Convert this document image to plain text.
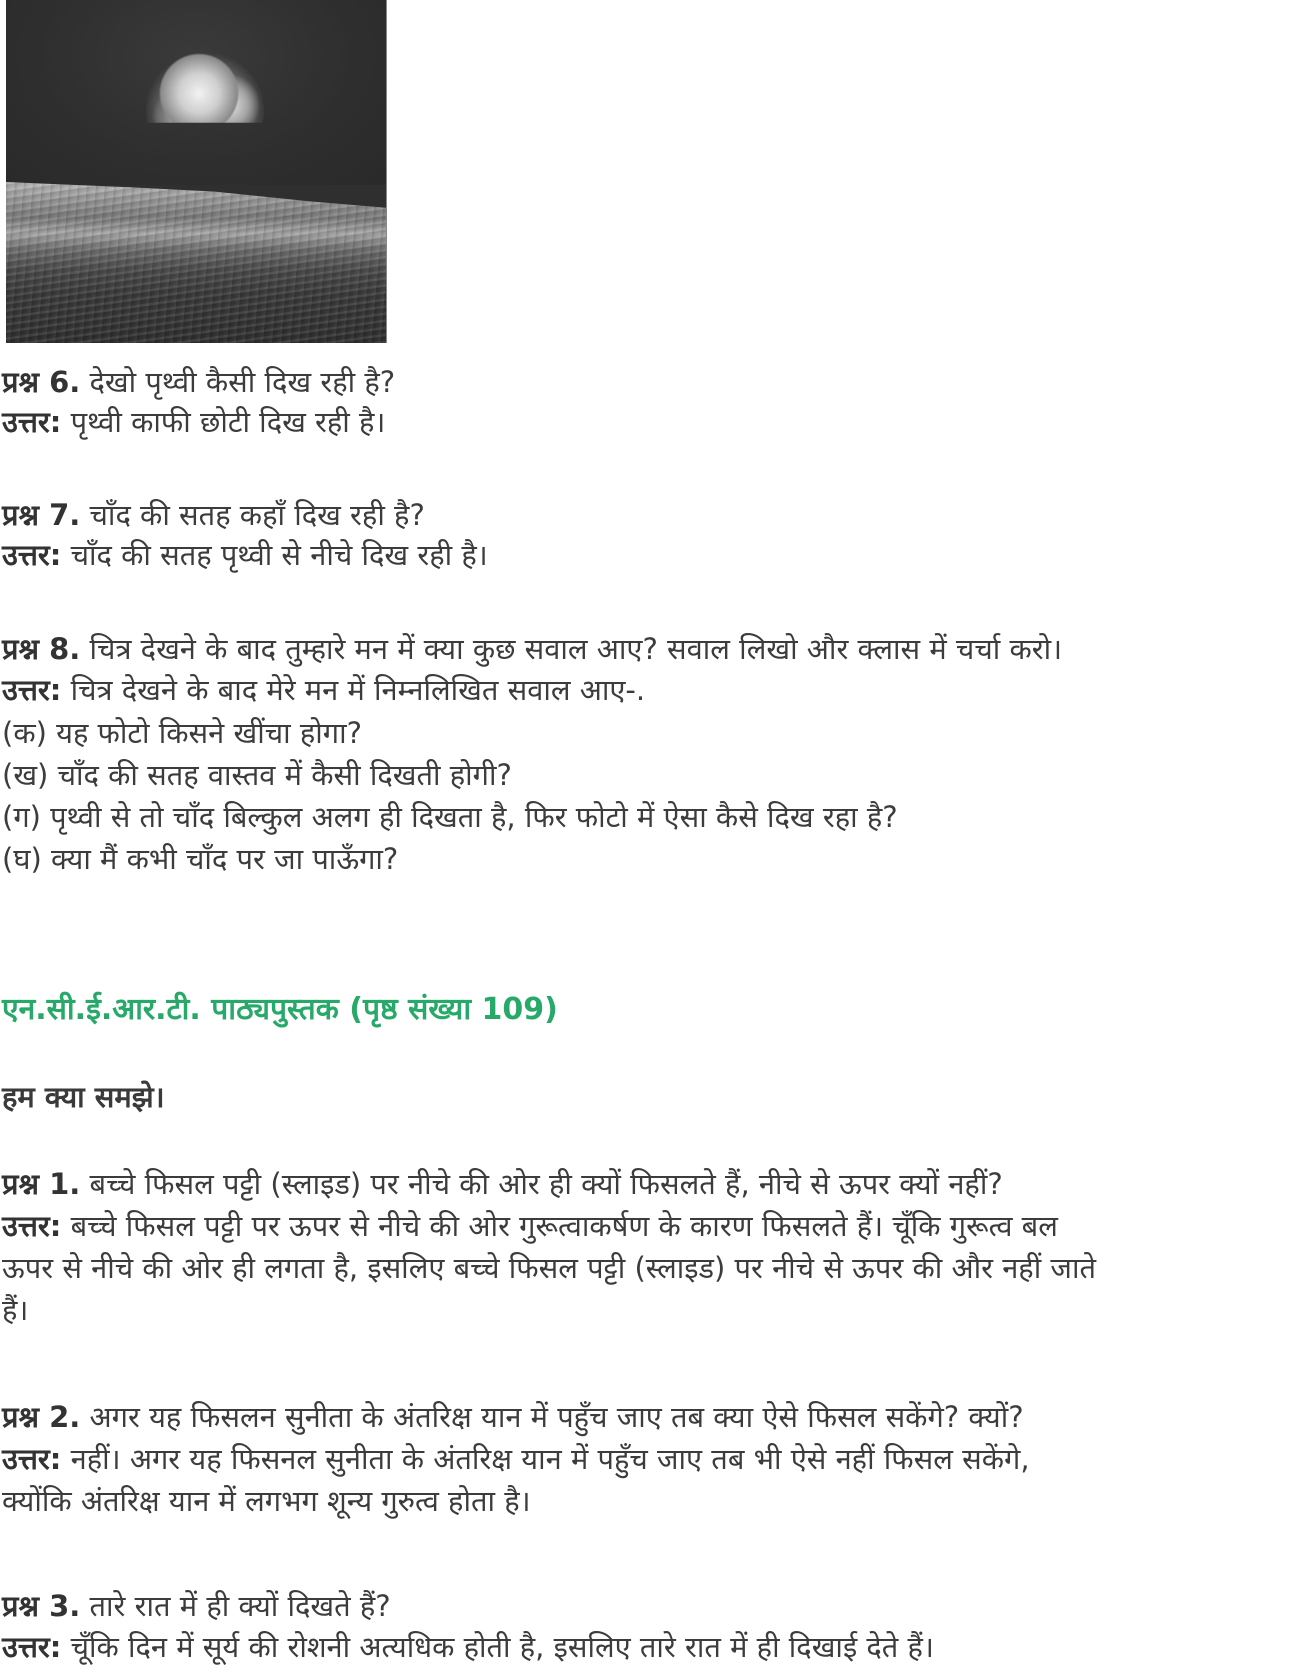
प्रश्न 6. देखो पृथ्वी कैसी दिख रही है?
उत्तर: पृथ्वी काफी छोटी दिख रही है।
प्रश्न 7. चाँद की सतह कहाँ दिख रही है?
उत्तर: चाँद की सतह पृथ्वी से नीचे दिख रही है।
प्रश्न 8. चित्र देखने के बाद तुम्हारे मन में क्या कुछ सवाल आए? सवाल लिखो और क्लास में चर्चा करो।
उत्तर: चित्र देखने के बाद मेरे मन में निम्नलिखित सवाल आए-.
(क) यह फोटो किसने खींचा होगा?
(ख) चाँद की सतह वास्तव में कैसी दिखती होगी?
(ग) पृथ्वी से तो चाँद बिल्कुल अलग ही दिखता है, फिर फोटो में ऐसा कैसे दिख रहा है?
(घ) क्या मैं कभी चाँद पर जा पाऊँगा?
एन.सी.ई.आर.टी. पाठ्यपुस्तक (पृष्ठ संख्या 109)
हम क्या समझे।
प्रश्न 1. बच्चे फिसल पट्टी (स्लाइड) पर नीचे की ओर ही क्यों फिसलते हैं, नीचे से ऊपर क्यों नहीं?
उत्तर: बच्चे फिसल पट्टी पर ऊपर से नीचे की ओर गुरूत्वाकर्षण के कारण फिसलते हैं। चूँकि गुरूत्व बल
ऊपर से नीचे की ओर ही लगता है, इसलिए बच्चे फिसल पट्टी (स्लाइड) पर नीचे से ऊपर की और नहीं जाते
हैं।
प्रश्न 2. अगर यह फिसलन सुनीता के अंतरिक्ष यान में पहुँच जाए तब क्या ऐसे फिसल सकेंगे? क्यों?
उत्तर: नहीं। अगर यह फिसनल सुनीता के अंतरिक्ष यान में पहुँच जाए तब भी ऐसे नहीं फिसल सकेंगे,
क्योंकि अंतरिक्ष यान में लगभग शून्य गुरुत्व होता है।
प्रश्न 3. तारे रात में ही क्यों दिखते हैं?
उत्तर: चूँकि दिन में सूर्य की रोशनी अत्यधिक होती है, इसलिए तारे रात में ही दिखाई देते हैं।
